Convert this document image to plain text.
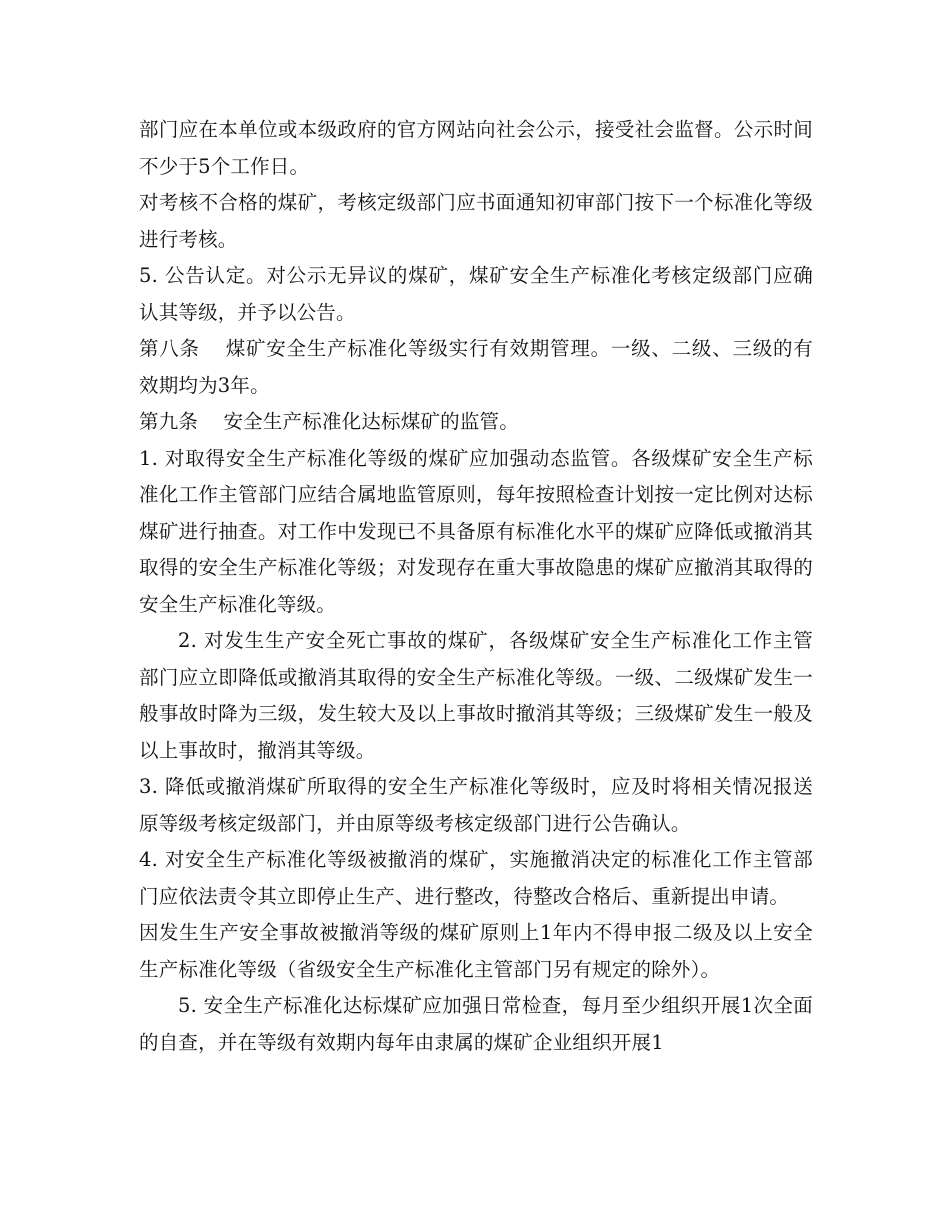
部门应在本单位或本级政府的官方网站向社会公示，接受社会监督。公示时间不少于5个工作日。

对考核不合格的煤矿，考核定级部门应书面通知初审部门按下一个标准化等级进行考核。

5. 公告认定。对公示无异议的煤矿，煤矿安全生产标准化考核定级部门应确认其等级，并予以公告。

第八条 煤矿安全生产标准化等级实行有效期管理。一级、二级、三级的有效期均为3年。

第九条 安全生产标准化达标煤矿的监管。

1. 对取得安全生产标准化等级的煤矿应加强动态监管。各级煤矿安全生产标准化工作主管部门应结合属地监管原则，每年按照检查计划按一定比例对达标煤矿进行抽查。对工作中发现已不具备原有标准化水平的煤矿应降低或撤消其取得的安全生产标准化等级；对发现存在重大事故隐患的煤矿应撤消其取得的安全生产标准化等级。

2. 对发生生产安全死亡事故的煤矿，各级煤矿安全生产标准化工作主管部门应立即降低或撤消其取得的安全生产标准化等级。一级、二级煤矿发生一般事故时降为三级，发生较大及以上事故时撤消其等级；三级煤矿发生一般及以上事故时，撤消其等级。

3. 降低或撤消煤矿所取得的安全生产标准化等级时，应及时将相关情况报送原等级考核定级部门，并由原等级考核定级部门进行公告确认。

4. 对安全生产标准化等级被撤消的煤矿，实施撤消决定的标准化工作主管部门应依法责令其立即停止生产、进行整改，待整改合格后、重新提出申请。

因发生生产安全事故被撤消等级的煤矿原则上1年内不得申报二级及以上安全生产标准化等级（省级安全生产标准化主管部门另有规定的除外）。

5. 安全生产标准化达标煤矿应加强日常检查，每月至少组织开展1次全面的自查，并在等级有效期内每年由隶属的煤矿企业组织开展1
